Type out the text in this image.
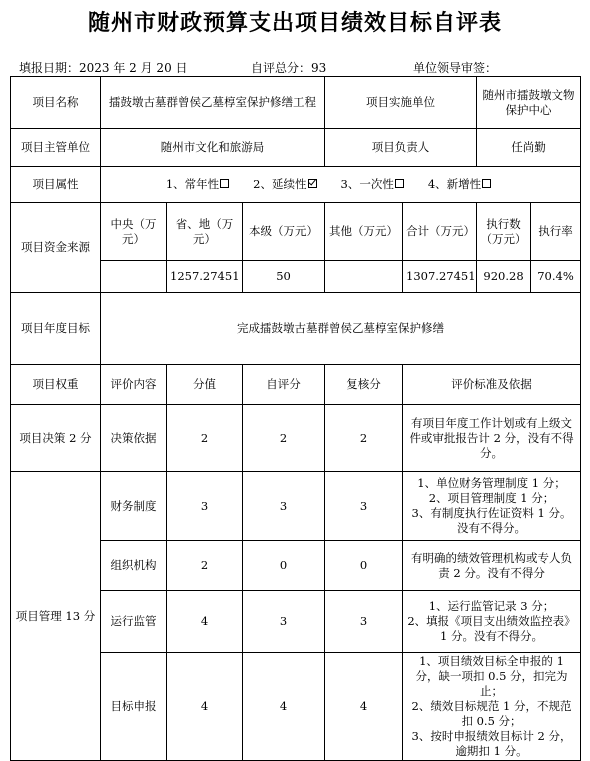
随州市财政预算支出项目绩效目标自评表
填报日期：2023 年 2 月 20 日	自评总分：93	单位领导审签：
项目名称	擂鼓墩古墓群曾侯乙墓椁室保护修缮工程			项目实施单位		随州市擂鼓墩文物保护中心	
项目主管单位	随州市文化和旅游局			项目负责人		任尚勤	
项目属性	1、常年性 2、延续性 3、一次性 4、新增性						
项目资金来源	中央（万元）	省、地（万元）	本级（万元）	其他（万元）	合计（万元）	执行数（万元）	执行率
		1257.27451	50		1307.27451	920.28	70.4%
项目年度目标	完成擂鼓墩古墓群曾侯乙墓椁室保护修缮						
项目权重	评价内容	分值	自评分	复核分	评价标准及依据		
项目决策 2 分	决策依据	2	2	2	有项目年度工作计划或有上级文件或审批报告计 2 分，没有不得分。		

项目管理 13 分	财务制度	3	3	3	1、单位财务管理制度 1 分；
2、项目管理制度 1 分；
3、有制度执行佐证资料 1 分。没有不得分。		

	组织机构	2	0	0	有明确的绩效管理机构或专人负责 2 分。没有不得分		

	运行监管	4	3	3	1、运行监管记录 3 分；
2、填报《项目支出绩效监控表》1 分。没有不得分。		

	目标申报	4	4	4	1、项目绩效目标全申报的 1 分，缺一项扣 0.5 分，扣完为止；
2、绩效目标规范 1 分，不规范扣 0.5 分；
3、按时申报绩效目标计 2 分，逾期扣 1 分。		
